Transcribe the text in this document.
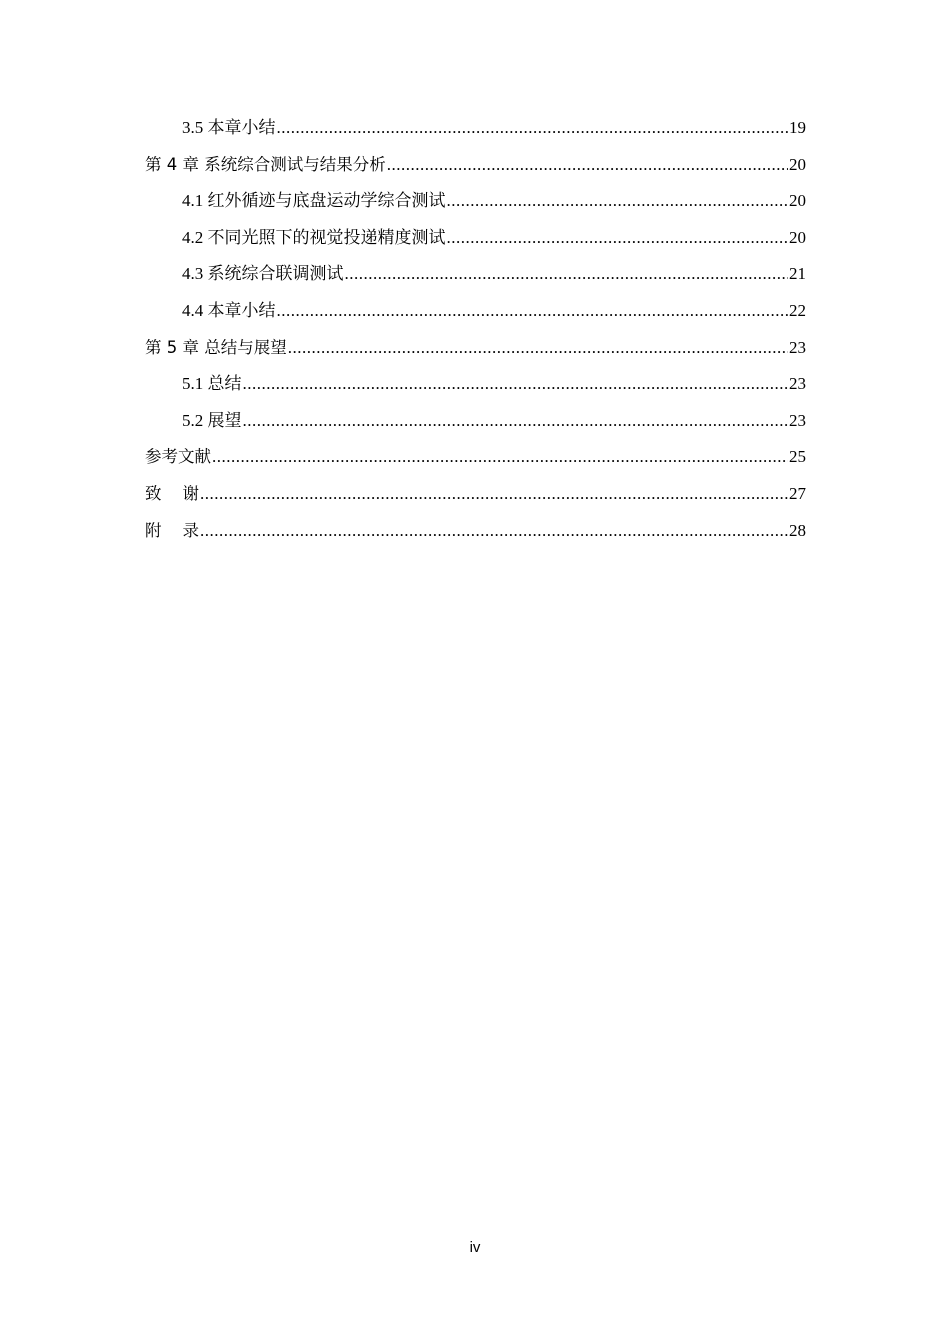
3.5 本章小结 .....	19
第 4 章 系统综合测试与结果分析 .....	20
4.1 红外循迹与底盘运动学综合测试 .....	20
4.2 不同光照下的视觉投递精度测试 .....	20
4.3 系统综合联调测试 .....	21
4.4 本章小结 .....	22
第 5 章 总结与展望 .....	23
5.1 总结 .....	23
5.2 展望 .....	23
参考文献 .....	25
致    谢 .....	27
附    录 .....	28
iv
